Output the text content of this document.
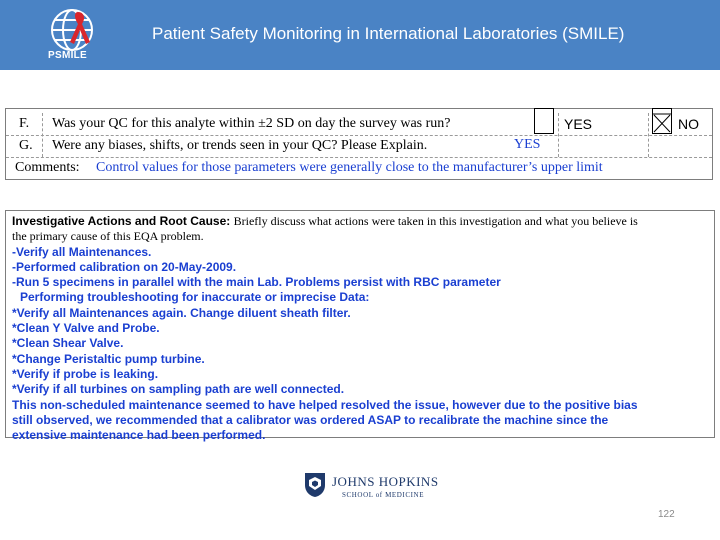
PSMILE
Patient Safety Monitoring in International Laboratories (SMILE)
F. Was your QC for this analyte within ±2 SD on day the survey was run?	YES	NO
G. Were any biases, shifts, or trends seen in your QC? Please Explain.	YES
Comments: Control values for those parameters were generally close to the manufacturer’s upper limit
Investigative Actions and Root Cause: Briefly discuss what actions were taken in this investigation and what you believe is
the primary cause of this EQA problem.
-Verify all Maintenances.
-Performed calibration on 20-May-2009.
-Run 5 specimens in parallel with the main Lab. Problems persist with RBC parameter
Performing troubleshooting for inaccurate or imprecise Data:
*Verify all Maintenances again. Change diluent sheath filter.
*Clean Y Valve and Probe.
*Clean Shear Valve.
*Change Peristaltic pump turbine.
*Verify if probe is leaking.
*Verify if all turbines on sampling path are well connected.
This non-scheduled maintenance seemed to have helped resolved the issue, however due to the positive bias
still observed, we recommended that a calibrator was ordered ASAP to recalibrate the machine since the
extensive maintenance had been performed.
JOHNS HOPKINS
SCHOOL of MEDICINE
122
